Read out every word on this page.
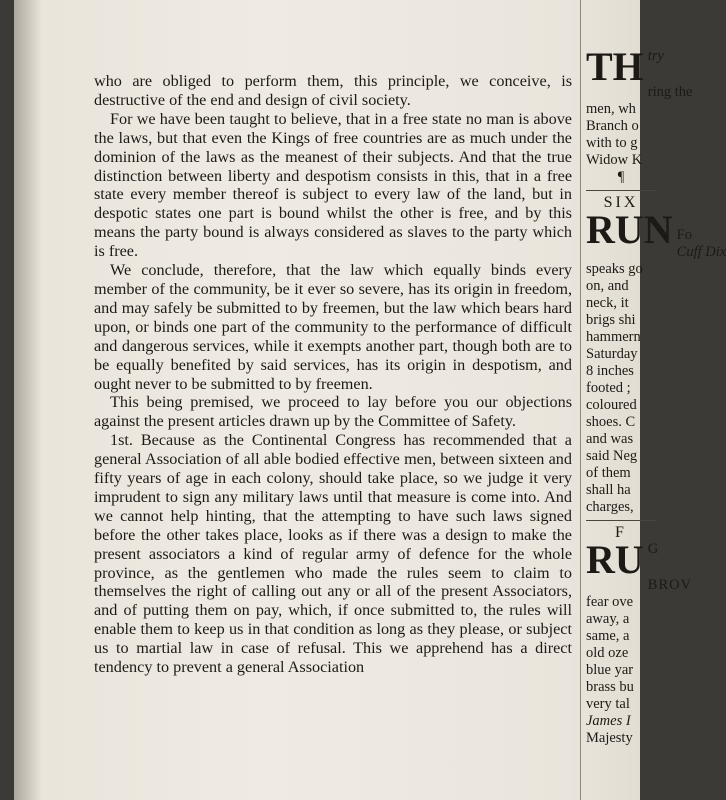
who are obliged to perform them, this principle, we conceive, is destructive of the end and design of civil society.

For we have been taught to believe, that in a free state no man is above the laws, but that even the Kings of free countries are as much under the dominion of the laws as the meanest of their subjects. And that the true distinction between liberty and despotism consists in this, that in a free state every member thereof is subject to every law of the land, but in despotic states one part is bound whilst the other is free, and by this means the party bound is always considered as slaves to the party which is free.

We conclude, therefore, that the law which equally binds every member of the community, be it ever so severe, has its origin in freedom, and may safely be submitted to by freemen, but the law which bears hard upon, or binds one part of the community to the performance of difficult and dangerous services, while it exempts another part, though both are to be equally benefited by said services, has its origin in despotism, and ought never to be submitted to by freemen.

This being premised, we proceed to lay before you our objections against the present articles drawn up by the Committee of Safety.

1st. Because as the Continental Congress has recommended that a general Association of all able bodied effective men, between sixteen and fifty years of age in each colony, should take place, so we judge it very imprudent to sign any military laws until that measure is come into. And we cannot help hinting, that the attempting to have such laws signed before the other takes place, looks as if there was a design to make the present associators a kind of regular army of defence for the whole province, as the gentlemen who made the rules seem to claim to themselves the right of calling out any or all of the present Associators, and of putting them on pay, which, if once submitted to, the rules will enable them to keep us in that condition as long as they please, or subject us to martial law in case of refusal. This we apprehend has a direct tendency to prevent a general Association

TH try
ring the
men, wh
Branch o
with to g
Widow K
¶
SIX
RUN Fo
Cuff Dix
speaks go
on, and
neck, it
brigs shi
hammern
Saturday
8 inches
footed ;
coloured
shoes. C
and was
said Neg
of them
shall ha
charges,
F
RU G
BROV
fear ove
away, a
same, a
old oze
blue yar
brass bu
very tal
James I
Majesty
